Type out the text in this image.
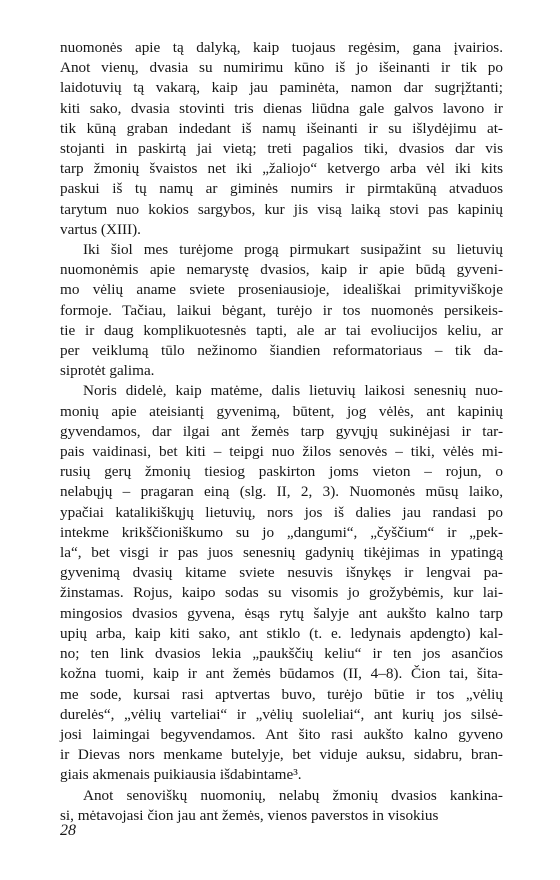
nuomonės apie tą dalyką, kaip tuojaus regėsim, gana įvairios.
Anot vienų, dvasia su numirimu kūno iš jo išeinanti ir tik po
laidotuvių tą vakarą, kaip jau paminėta, namon dar sugrįžtanti;
kiti sako, dvasia stovinti tris dienas liūdna gale galvos lavono ir
tik kūną graban indedant iš namų išeinanti ir su išlydėjimu at-
stojanti in paskirtą jai vietą; treti pagalios tiki, dvasios dar vis
tarp žmonių švaistos net iki „žaliojo“ ketvergo arba vėl iki kits
paskui iš tų namų ar giminės numirs ir pirmtakūną atvaduos
tarytum nuo kokios sargybos, kur jis visą laiką stovi pas kapinių
vartus (XIII).
Iki šiol mes turėjome progą pirmukart susipažint su lietuvių
nuomonėmis apie nemarystę dvasios, kaip ir apie būdą gyveni-
mo vėlių aname sviete proseniausioje, ideališkai primityviškoje
formoje. Tačiau, laikui bėgant, turėjo ir tos nuomonės persikeis-
tie ir daug komplikuotesnės tapti, ale ar tai evoliucijos keliu, ar
per veiklumą tūlo nežinomo šiandien reformatoriaus – tik da-
siprotėt galima.
Noris didelė, kaip matėme, dalis lietuvių laikosi senesnių nuo-
monių apie ateisiantį gyvenimą, būtent, jog vėlės, ant kapinių
gyvendamos, dar ilgai ant žemės tarp gyvųjų sukinėjasi ir tar-
pais vaidinasi, bet kiti – teipgi nuo žilos senovės – tiki, vėlės mi-
rusių gerų žmonių tiesiog paskirton joms vieton – rojun, o
nelabųjų – pragaran einą (slg. II, 2, 3). Nuomonės mūsų laiko,
ypačiai katalikiškųjų lietuvių, nors jos iš dalies jau randasi po
intekme krikščioniškumo su jo „dangumi“, „čyščium“ ir „pek-
la“, bet visgi ir pas juos senesnių gadynių tikėjimas in ypatingą
gyvenimą dvasių kitame sviete nesuvis išnykęs ir lengvai pa-
žinstamas. Rojus, kaipo sodas su visomis jo grožybėmis, kur lai-
mingosios dvasios gyvena, ėsąs rytų šalyje ant aukšto kalno tarp
upių arba, kaip kiti sako, ant stiklo (t. e. ledynais apdengto) kal-
no; ten link dvasios lekia „paukščių keliu“ ir ten jos asančios
kožna tuomi, kaip ir ant žemės būdamos (II, 4–8). Čion tai, šita-
me sode, kursai rasi aptvertas buvo, turėjo būtie ir tos „vėlių
durelės“, „vėlių varteliai“ ir „vėlių suoleliai“, ant kurių jos silsė-
josi laimingai begyvendamos. Ant šito rasi aukšto kalno gyveno
ir Dievas nors menkame butelyje, bet viduje auksu, sidabru, bran-
giais akmenais puikiausia išdabintame³.
Anot senoviškų nuomonių, nelabų žmonių dvasios kankina-
si, mėtavojasi čion jau ant žemės, vienos paverstos in visokius
28
